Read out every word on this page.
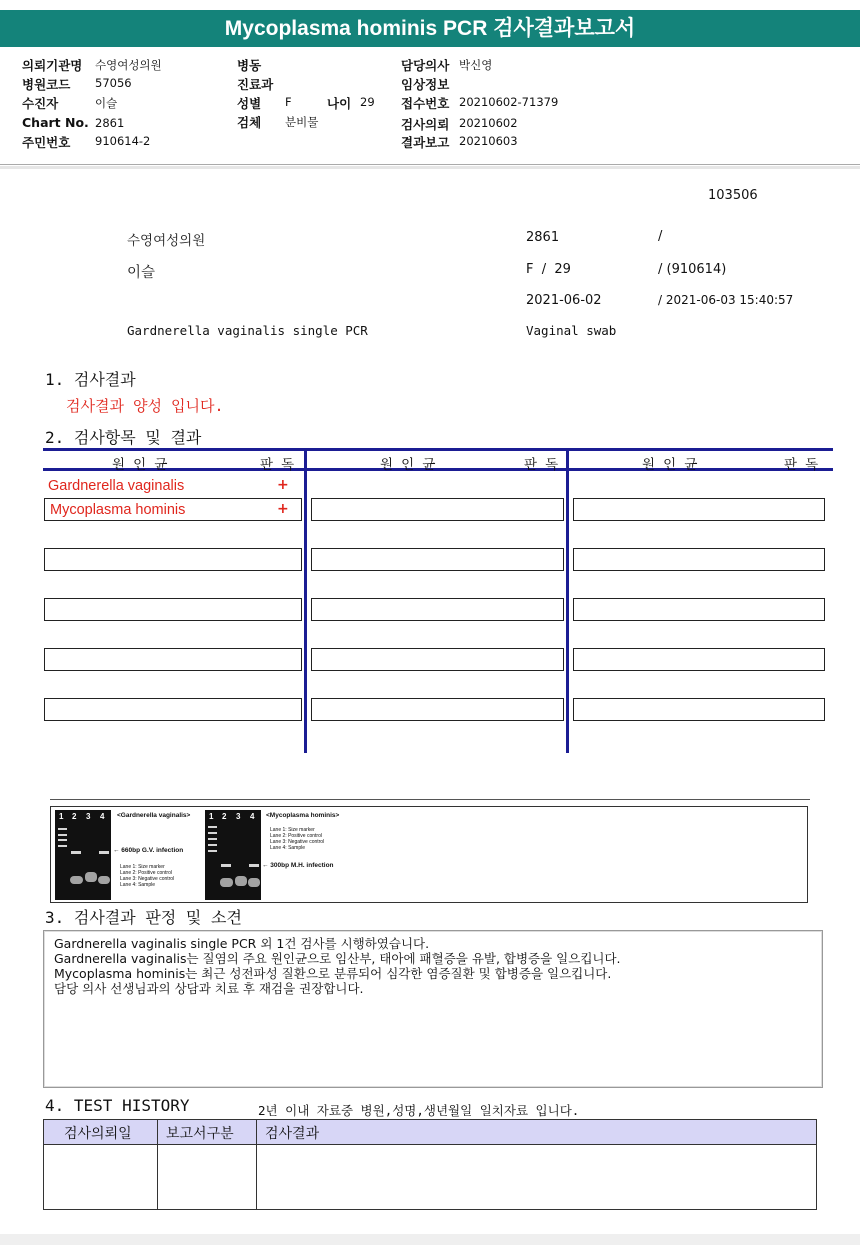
Mycoplasma hominis PCR 검사결과보고서
의뢰기관명 수영여성의원
병원코드 57056
수진자	이슬
Chart No. 2861
주민번호 910614-2
병동
진료과
성별 F	나이 29
검체 분비물
담당의사 박신영
임상정보
접수번호 20210602-71379
검사의뢰 20210602
결과보고 20210603
103506
수영여성의원	2861	/
이슬	F  /  29	/ (910614)
2021-06-02	/ 2021-06-03 15:40:57
Gardnerella vaginalis single PCR	Vaginal swab
1. 검사결과
검사결과 양성 입니다.
2. 검사항목 및 결과
원 인 균	판 독	원 인 균	판 독	원 인 균	판 독
Gardnerella vaginalis	+
Mycoplasma hominis	+
1 2 3 4 <Gardnerella vaginalis>
← 660bp G.V. infection
Lane 1: Size marker
Lane 2: Positive control
Lane 3: Negative control
Lane 4: Sample
1 2 3 4 <Mycoplasma hominis>
Lane 1: Size marker
Lane 2: Positive control
Lane 3: Negative control
Lane 4: Sample
← 300bp M.H. infection
3. 검사결과 판정 및 소견
Gardnerella vaginalis single PCR 외 1건 검사를 시행하였습니다.
Gardnerella vaginalis는 질염의 주요 원인균으로 임산부, 태아에 패혈증을 유발, 합병증을 일으킵니다.
Mycoplasma hominis는 최근 성전파성 질환으로 분류되어 심각한 염증질환 및 합병증을 일으킵니다.
담당 의사 선생님과의 상담과 치료 후 재검을 권장합니다.
4. TEST HISTORY	2년 이내 자료중 병원,성명,생년월일 일치자료 입니다.
검사의뢰일 보고서구분 검사결과
